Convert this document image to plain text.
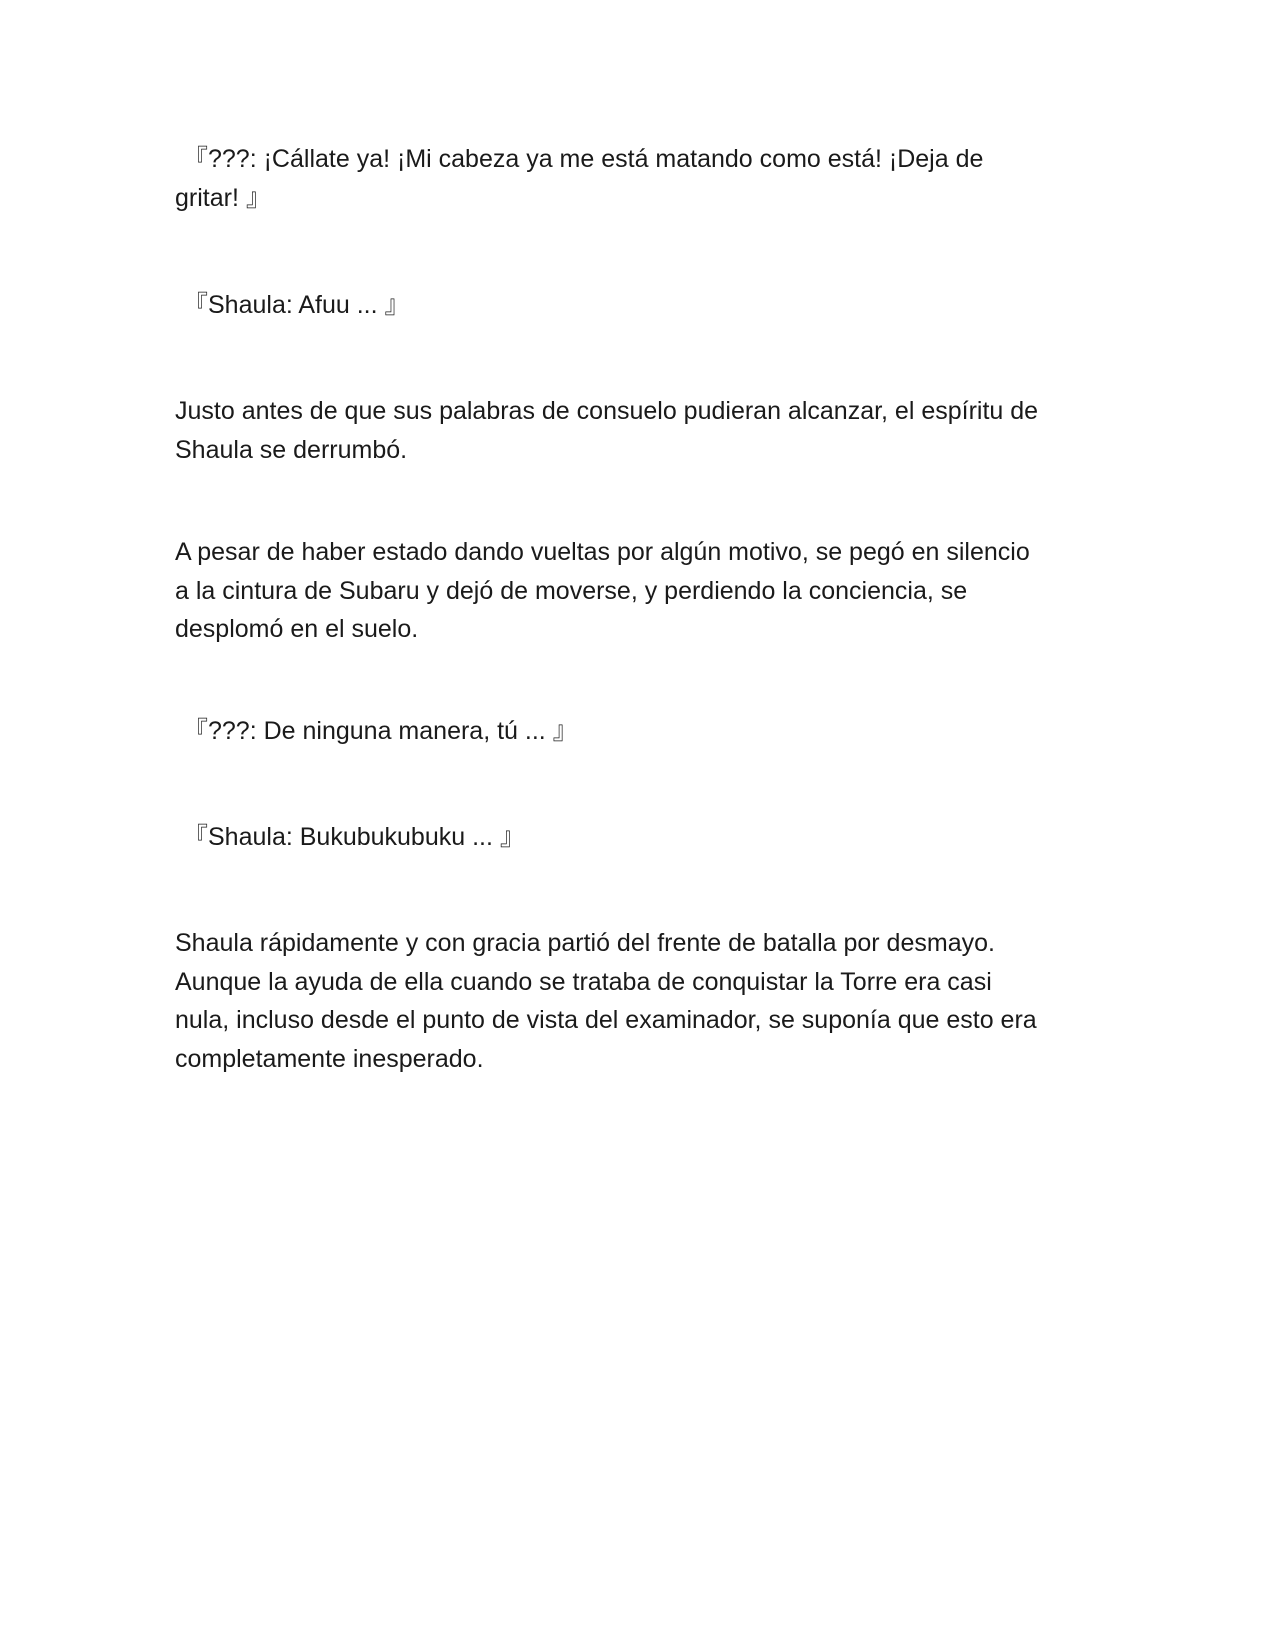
『???: ¡Cállate ya! ¡Mi cabeza ya me está matando como está! ¡Deja de
gritar! 』

『Shaula: Afuu ... 』

Justo antes de que sus palabras de consuelo pudieran alcanzar, el espíritu de
Shaula se derrumbó.

A pesar de haber estado dando vueltas por algún motivo, se pegó en silencio
a la cintura de Subaru y dejó de moverse, y perdiendo la conciencia, se
desplomó en el suelo.

『???: De ninguna manera, tú ... 』

『Shaula: Bukubukubuku ... 』

Shaula rápidamente y con gracia partió del frente de batalla por desmayo.
Aunque la ayuda de ella cuando se trataba de conquistar la Torre era casi
nula, incluso desde el punto de vista del examinador, se suponía que esto era
completamente inesperado.
